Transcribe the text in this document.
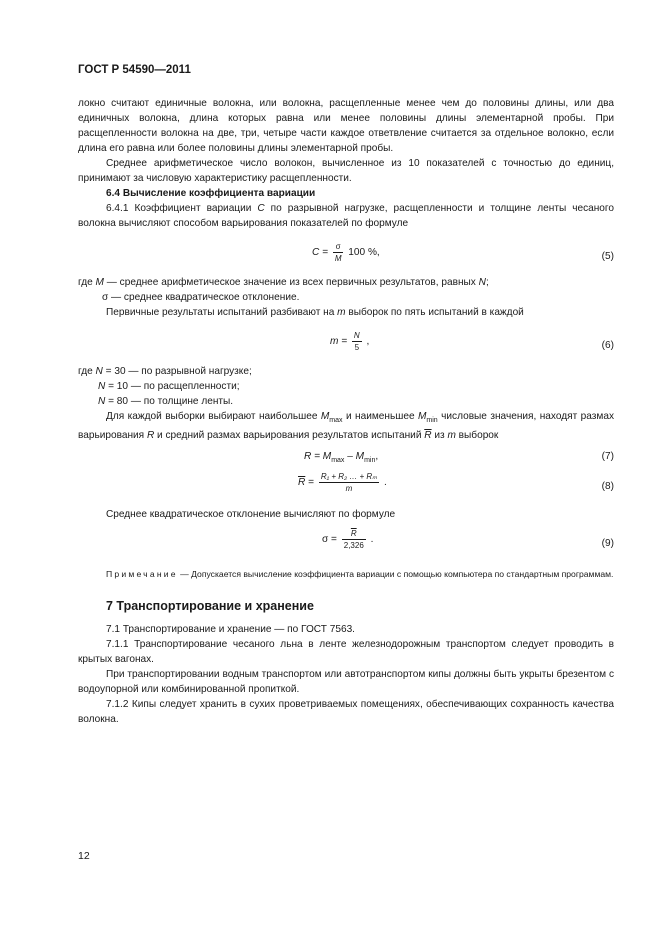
ГОСТ Р 54590—2011

локно считают единичные волокна, или волокна, расщепленные менее чем до половины длины, или два единичных волокна, длина которых равна или менее половины длины элементарной пробы. При расщепленности волокна на две, три, четыре части каждое ответвление считается за отдельное волокно, если длина его равна или более половины длины элементарной пробы.

Среднее арифметическое число волокон, вычисленное из 10 показателей с точностью до единиц, принимают за числовую характеристику расщепленности.

6.4 Вычисление коэффициента вариации

6.4.1 Коэффициент вариации C по разрывной нагрузке, расщепленности и толщине ленты чесаного волокна вычисляют способом варьирования показателей по формуле

$C = \frac{\sigma}{M} 100$ %,	(5)

где M — среднее арифметическое значение из всех первичных результатов, равных N;

σ — среднее квадратическое отклонение.

Первичные результаты испытаний разбивают на m выборок по пять испытаний в каждой

$m = \frac{N}{5}$ ,	(6)

где N = 30 — по разрывной нагрузке;

N = 10 — по расщепленности;

N = 80 — по толщине ленты.

Для каждой выборки выбирают наибольшее $M_{max}$ и наименьшее $M_{min}$ числовые значения, находят размах варьирования R и средний размах варьирования результатов испытаний $\overline{R}$ из m выборок

$R = M_{max} - M_{min}$,	(7)
$\overline{R} = \frac{\text{R₁ + R₂ … + Rₘ}}{m}$ .	(8)

Среднее квадратическое отклонение вычисляют по формуле

$\sigma = \frac{\overline{R}}{2,326}$ .	(9)

Примечание — Допускается вычисление коэффициента вариации с помощью компьютера по стандартным программам.

7 Транспортирование и хранение

7.1 Транспортирование и хранение — по ГОСТ 7563.

7.1.1 Транспортирование чесаного льна в ленте железнодорожным транспортом следует проводить в крытых вагонах.

При транспортировании водным транспортом или автотранспортом кипы должны быть укрыты брезентом с водоупорной или комбинированной пропиткой.

7.1.2 Кипы следует хранить в сухих проветриваемых помещениях, обеспечивающих сохранность качества волокна.

12
